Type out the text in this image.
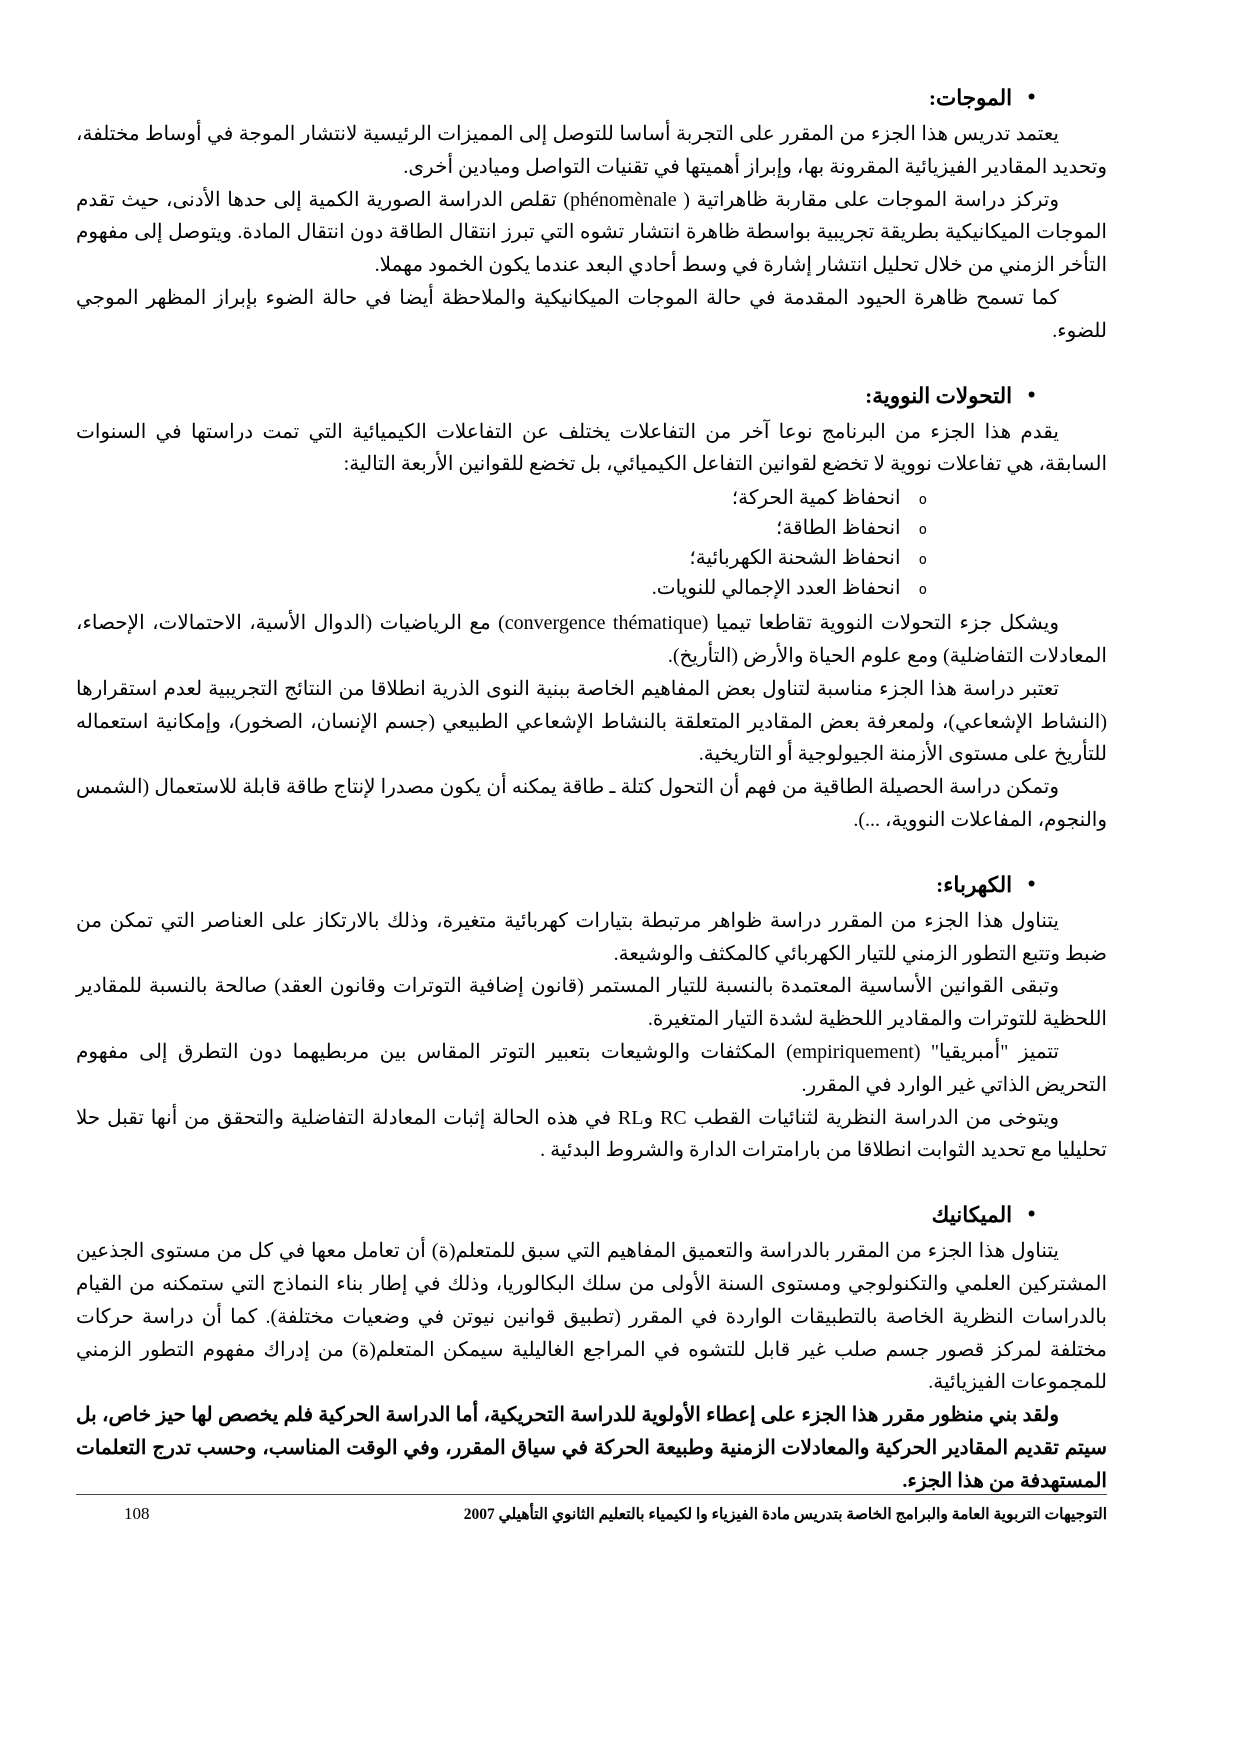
•
الموجات:

يعتمد تدريس هذا الجزء من المقرر على التجربة أساسا للتوصل إلى المميزات الرئيسية لانتشار الموجة في أوساط مختلفة، وتحديد المقادير الفيزيائية المقرونة بها، وإبراز أهميتها في تقنيات التواصل وميادين أخرى.

وتركز دراسة الموجات على مقاربة ظاهراتية ( phénomènale) تقلص الدراسة الصورية الكمية إلى حدها الأدنى، حيث تقدم الموجات الميكانيكية بطريقة تجريبية بواسطة ظاهرة انتشار تشوه التي تبرز انتقال الطاقة دون انتقال المادة. ويتوصل إلى مفهوم التأخر الزمني من خلال تحليل انتشار إشارة في وسط أحادي البعد عندما يكون الخمود مهملا.

كما تسمح ظاهرة الحيود المقدمة في حالة الموجات الميكانيكية والملاحظة أيضا في حالة الضوء بإبراز المظهر الموجي للضوء.

•
التحولات النووية:

يقدم هذا الجزء من البرنامج نوعا آخر من التفاعلات يختلف عن التفاعلات الكيميائية التي تمت دراستها في السنوات السابقة، هي تفاعلات نووية لا تخضع لقوانين التفاعل الكيميائي، بل تخضع للقوانين الأربعة التالية:

o
انحفاظ كمية الحركة؛
o
انحفاظ الطاقة؛
o
انحفاظ الشحنة الكهربائية؛
o
انحفاظ العدد الإجمالي للنويات.

ويشكل جزء التحولات النووية تقاطعا تيميا (convergence thématique) مع الرياضيات (الدوال الأسية، الاحتمالات، الإحصاء، المعادلات التفاضلية) ومع علوم الحياة والأرض (التأريخ).

تعتبر دراسة هذا الجزء مناسبة لتناول بعض المفاهيم الخاصة ببنية النوى الذرية انطلاقا من النتائج التجريبية لعدم استقرارها (النشاط الإشعاعي)، ولمعرفة بعض المقادير المتعلقة بالنشاط الإشعاعي الطبيعي (جسم الإنسان، الصخور)، وإمكانية استعماله للتأريخ على مستوى الأزمنة الجيولوجية أو التاريخية.

وتمكن دراسة الحصيلة الطاقية من فهم أن التحول كتلة ـ طاقة يمكنه أن يكون مصدرا لإنتاج طاقة قابلة للاستعمال (الشمس والنجوم، المفاعلات النووية، ...).

•
الكهرباء:

يتناول هذا الجزء من المقرر دراسة ظواهر مرتبطة بتيارات كهربائية متغيرة، وذلك بالارتكاز على العناصر التي تمكن من ضبط وتتبع التطور الزمني للتيار الكهربائي كالمكثف والوشيعة.

وتبقى القوانين الأساسية المعتمدة بالنسبة للتيار المستمر (قانون إضافية التوترات وقانون العقد) صالحة بالنسبة للمقادير اللحظية للتوترات والمقادير اللحظية لشدة التيار المتغيرة.

تتميز "أمبريقيا" (empiriquement) المكثفات والوشيعات بتعبير التوتر المقاس بين مربطيهما دون التطرق إلى مفهوم التحريض الذاتي غير الوارد في المقرر.

ويتوخى من الدراسة النظرية لثنائيات القطب RC وRL في هذه الحالة إثبات المعادلة التفاضلية والتحقق من أنها تقبل حلا تحليليا مع تحديد الثوابت انطلاقا من بارامترات الدارة والشروط البدئية .

•
الميكانيك

يتناول هذا الجزء من المقرر بالدراسة والتعميق المفاهيم التي سبق للمتعلم(ة) أن تعامل معها في كل من مستوى الجذعين المشتركين العلمي والتكنولوجي ومستوى السنة الأولى من سلك البكالوريا، وذلك في إطار بناء النماذج التي ستمكنه من القيام بالدراسات النظرية الخاصة بالتطبيقات الواردة في المقرر (تطبيق قوانين نيوتن في وضعيات مختلفة). كما أن دراسة حركات مختلفة لمركز قصور جسم صلب غير قابل للتشوه في المراجع الغاليلية سيمكن المتعلم(ة) من إدراك مفهوم التطور الزمني للمجموعات الفيزيائية.

ولقد بني منظور مقرر هذا الجزء على إعطاء الأولوية للدراسة التحريكية، أما الدراسة الحركية فلم يخصص لها حيز خاص، بل سيتم تقديم المقادير الحركية والمعادلات الزمنية وطبيعة الحركة في سياق المقرر، وفي الوقت المناسب، وحسب تدرج التعلمات المستهدفة من هذا الجزء.

التوجيهات التربوية العامة والبرامج الخاصة بتدريس مادة الفيزياء وا لكيمياء بالتعليم الثانوي التأهيلي 2007
108
